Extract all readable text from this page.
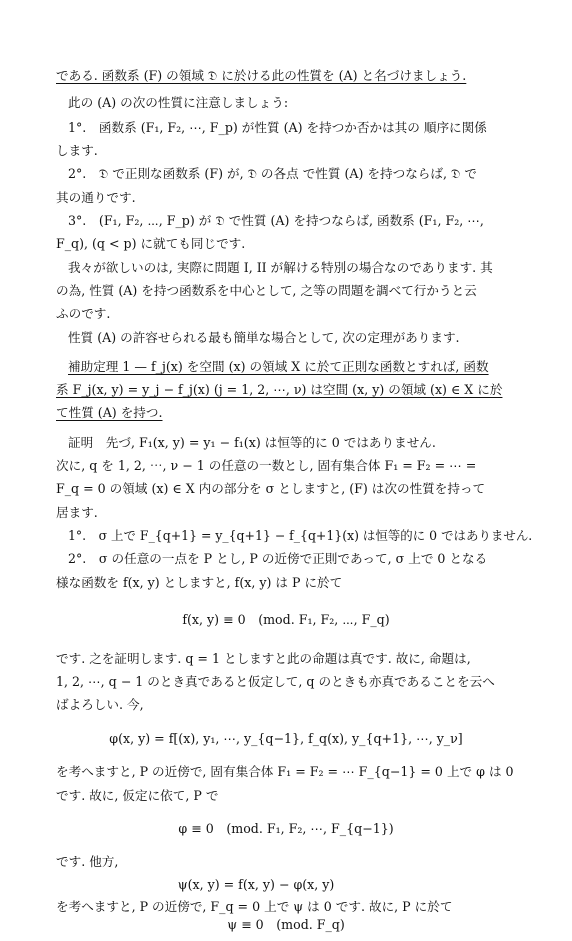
である. 函数系 (F) の領域 𝔇 に於ける此の性質を (A) と名づけましょう.
此の (A) の次の性質に注意しましょう:
1°.　函数系 (F₁, F₂, ⋯, F_p) が性質 (A) を持つか否かは其の 順序に関係
します.
2°.　𝔇 で正則な函数系 (F) が, 𝔇 の各点 で性質 (A) を持つならば, 𝔇 で
其の通りです.
3°.　(F₁, F₂, ⋯, F_p) が 𝔇 で性質 (A) を持つならば, 函数系 (F₁, F₂, ⋯,
F_q), (q < p) に就ても同じです.
我々が欲しいのは, 実際に問題 I, II が解ける特別の場合なのであります. 其
の為, 性質 (A) を持つ函数系を中心として, 之等の問題を調べて行かうと云
ふのです.
性質 (A) の許容せられる最も簡単な場合として, 次の定理があります.
補助定理 1 — f_j(x) を空間 (x) の領域 X に於て正則な函数とすれば, 函数
系 F_j(x, y) = y_j − f_j(x) (j = 1, 2, ⋯, ν) は空間 (x, y) の領域 (x) ∈ X に於
て性質 (A) を持つ.
証明　先づ, F₁(x, y) = y₁ − f₁(x) は恒等的に 0 ではありません.
次に, q を 1, 2, ⋯, ν − 1 の任意の一数とし, 固有集合体 F₁ = F₂ = ⋯ =
F_q = 0 の領域 (x) ∈ X 内の部分を σ としますと, (F) は次の性質を持って
居ます.
1°.　σ 上で F_{q+1} = y_{q+1} − f_{q+1}(x) は恒等的に 0 ではありません.
2°.　σ の任意の一点を P とし, P の近傍で正則であって, σ 上で 0 となる
様な函数を f(x, y) としますと, f(x, y) は P に於て
f(x, y) ≡ 0　(mod. F₁, F₂, ⋯, F_q)
です. 之を証明します. q = 1 としますと此の命題は真です. 故に, 命題は,
1, 2, ⋯, q − 1 のとき真であると仮定して, q のときも亦真であることを云へ
ばよろしい. 今,
φ(x, y) = f[(x), y₁, ⋯, y_{q−1}, f_q(x), y_{q+1}, ⋯, y_ν]
を考へますと, P の近傍で, 固有集合体 F₁ = F₂ = ⋯ F_{q−1} = 0 上で φ は 0
です. 故に, 仮定に依て, P で
φ ≡ 0　(mod. F₁, F₂, ⋯, F_{q−1})
です. 他方,
ψ(x, y) = f(x, y) − φ(x, y)
を考へますと, P の近傍で, F_q = 0 上で ψ は 0 です. 故に, P に於て
ψ ≡ 0　(mod. F_q)
